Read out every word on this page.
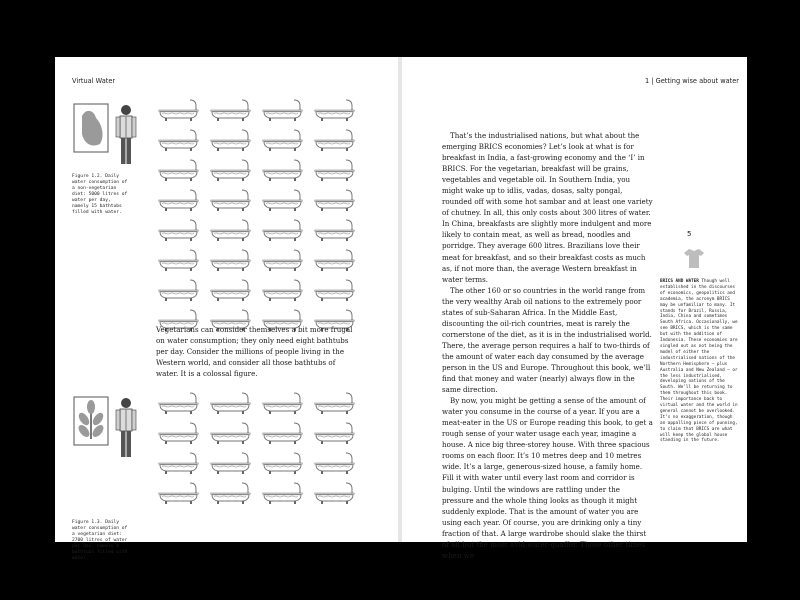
Virtual Water
Figure 1.2. Daily water consumption of a non-vegetarian diet: 5000 litres of water per day, namely 15 bathtubs filled with water.

Vegetarians can consider themselves a bit more frugal on water consumption; they only need eight bathtubs per day. Consider the millions of people living in the Western world, and consider all those bathtubs of water. It is a colossal figure.

Figure 1.3. Daily water consumption of a vegetarian diet: 2700 litres of water per day, namely 8 bathtubs filled with water.
1 | Getting wise about water

That’s the industrialised nations, but what about the emerging BRICS economies? Let’s look at what is for breakfast in India, a fast-growing economy and the ‘I’ in BRICS. For the vegetarian, breakfast will be grains, vegetables and vegetable oil. In Southern India, you might wake up to idlis, vadas, dosas, salty pongal, rounded off with some hot sambar and at least one variety of chutney. In all, this only costs about 300 litres of water. In China, breakfasts are slightly more indulgent and more likely to contain meat, as well as bread, noodles and porridge. They average 600 litres. Brazilians love their meat for breakfast, and so their breakfast costs as much as, if not more than, the average Western breakfast in water terms.

The other 160 or so countries in the world range from the very wealthy Arab oil nations to the extremely poor states of sub-Saharan Africa. In the Middle East, discounting the oil-rich countries, meat is rarely the cornerstone of the diet, as it is in the industrialised world. There, the average person requires a half to two-thirds of the amount of water each day consumed by the average person in the US and Europe. Throughout this book, we’ll find that money and water (nearly) always flow in the same direction.

By now, you might be getting a sense of the amount of water you consume in the course of a year. If you are a meat-eater in the US or Europe reading this book, to get a rough sense of your water usage each year, imagine a house. A nice big three-storey house. With three spacious rooms on each floor. It’s 10 metres deep and 10 metres wide. It’s a large, generous-sized house, a family home. Fill it with water until every last room and corridor is bulging. Until the windows are rattling under the pressure and the whole thing looks as though it might suddenly explode. That is the amount of water you are using each year. Of course, you are drinking only a tiny fraction of that. A large wardrobe should slake the thirst of all but the most avid water-quaffer. Those other times when we

5
BRICS AND WATER Though well established in the discourses of economics, geopolitics and academia, the acronym BRICS may be unfamiliar to many. It stands for Brazil, Russia, India, China and sometimes South Africa. Occasionally, we see BRICS, which is the same but with the addition of Indonesia. These economies are singled out as not being the model of either the industrialised nations of the Northern Hemisphere – plus Australia and New Zealand – or the less industrialised, developing nations of the South. We’ll be returning to them throughout this book. Their importance back to virtual water and the world in general cannot be overlooked. It’s no exaggeration, though an appalling piece of punning, to claim that BRICS are what will keep the global house standing in the future.
